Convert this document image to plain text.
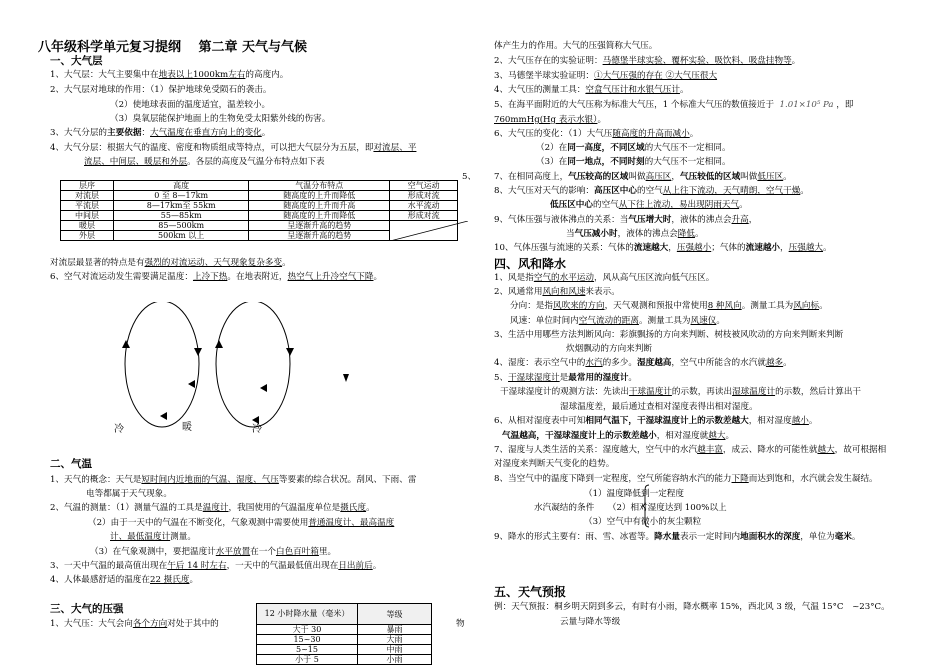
八年级科学单元复习提纲　 第二章 天气与气候
一、大气层
1、大气层：大气主要集中在地表以上1000km左右的高度内。
2、大气层对地球的作用：（1）保护地球免受陨石的袭击。
（2）使地球表面的温度适宜，温差较小。
（3）臭氧层能保护地面上的生物免受太阳紫外线的伤害。
3、大气分层的主要依据：大气温度在垂直方向上的变化。
4、大气分层：根据大气的温度、密度和物质组成等特点，可以把大气层分为五层，即对流层、平
流层、中间层、暖层和外层。各层的高度及气温分布特点如下表
5、
层序	高度	气温分布特点	空气运动
对流层	0 至 8—17km	随高度的上升而降低	形成对流
平流层	8—17km至 55km	随高度的上升而升高	水平流动
中间层	55—85km	随高度的上升而降低	形成对流
暖层	85—500km	呈逐渐升高的趋势	

外层	500km 以上	呈逐渐升高的趋势	
对流层最显著的特点是有强烈的对流运动、天气现象复杂多变。
6、空气对流运动发生需要满足温度：上冷下热。在地表附近，热空气上升冷空气下降。
冷	暖	冷
二、气温
1、天气的概念：天气是短时间内近地面的气温、湿度、气压等要素的综合状况。刮风、下雨、雷
电等都属于天气现象。
2、气温的测量：（1）测量气温的工具是温度计，我国使用的气温温度单位是摄氏度。
（2）由于一天中的气温在不断变化，气象观测中需要使用普通温度计、最高温度
计、最低温度计测量。
（3）在气象观测中，要把温度计水平放置在一个白色百叶箱里。
3、一天中气温的最高值出现在午后 14 时左右，一天中的气温最低值出现在日出前后。
4、人体最感舒适的温度在22 摄氏度。
三、大气的压强
1、大气压：大气会向各个方向对处于其中的	物
12 小时降水量（毫米）	等级
大于 30	暴雨
15~30	大雨
5~15	中雨
小于 5	小雨
体产生力的作用。大气的压强简称大气压。
2、大气压存在的实验证明：马德堡半球实验、覆杯实验、吸饮料、吸盘挂物等。
3、马德堡半球实验证明：①大气压强的存在 ②大气压很大
4、大气压的测量工具：空盒气压计和水银气压计。
5、在海平面附近的大气压称为标准大气压，1 个标准大气压的数值接近于 1.01×10⁵ Pa ，即
760mmHg(Hg 表示水银）。
6、大气压的变化：（1）大气压随高度的升高而减小。
（2）在同一高度，不同区域的大气压不一定相同。
（3）在同一地点，不同时刻的大气压不一定相同。
7、在相同高度上，气压较高的区域叫做高压区，气压较低的区域叫做低压区。
8、大气压对天气的影响：高压区中心的空气从上往下流动，天气晴朗，空气干燥。
低压区中心的空气从下往上流动，易出现阴雨天气。
9、气体压强与液体沸点的关系：当气压增大时，液体的沸点会升高，
当气压减小时，液体的沸点会降低。
10、气体压强与流速的关系：气体的流速越大，压强越小；气体的流速越小，压强越大。
四、风和降水
1、风是指空气的水平运动，风从高气压区流向低气压区。
2、风通常用风向和风速来表示。
分向：是指风吹来的方向，天气观测和预报中常使用8 种风向。测量工具为风向标。
风速：单位时间内空气流动的距离。测量工具为风速仪。
3、生活中用哪些方法判断风向：彩旗飘扬的方向来判断、树枝被风吹动的方向来判断来判断
炊烟飘动的方向来判断
4、湿度：表示空气中的水汽的多少。湿度越高，空气中所能含的水汽就越多。
5、干湿球湿度计是最常用的湿度计。
干湿球湿度计的观测方法：先读出干球温度计的示数，再读出湿球温度计的示数，然后计算出干
湿球温度差，最后通过查相对湿度表得出相对湿度。
6、从相对湿度表中可知相同气温下，干湿球温度计上的示数差越大，相对湿度越小。
气温越高，干湿球湿度计上的示数差越小，相对湿度就越大。
7、湿度与人类生活的关系：湿度越大，空气中的水汽越丰富，成云、降水的可能性就越大，故可根据相
对湿度来判断天气变化的趋势。
8、当空气中的温度下降到一定程度，空气所能容纳水汽的能力下降而达到饱和，水汽就会发生凝结。
（1）温度降低到一定程度
水汽凝结的条件 （2）相对湿度达到 100%以上
（3）空气中有微小的灰尘颗粒
9、降水的形式主要有：雨、雪、冰雹等。降水量表示一定时间内地面积水的深度，单位为毫米。
五、天气预报
例：天气预报：桐乡明天阴到多云，有时有小雨，降水概率 15%，西北风 3 级，气温 15°C　~23°C。
云量与降水等级
